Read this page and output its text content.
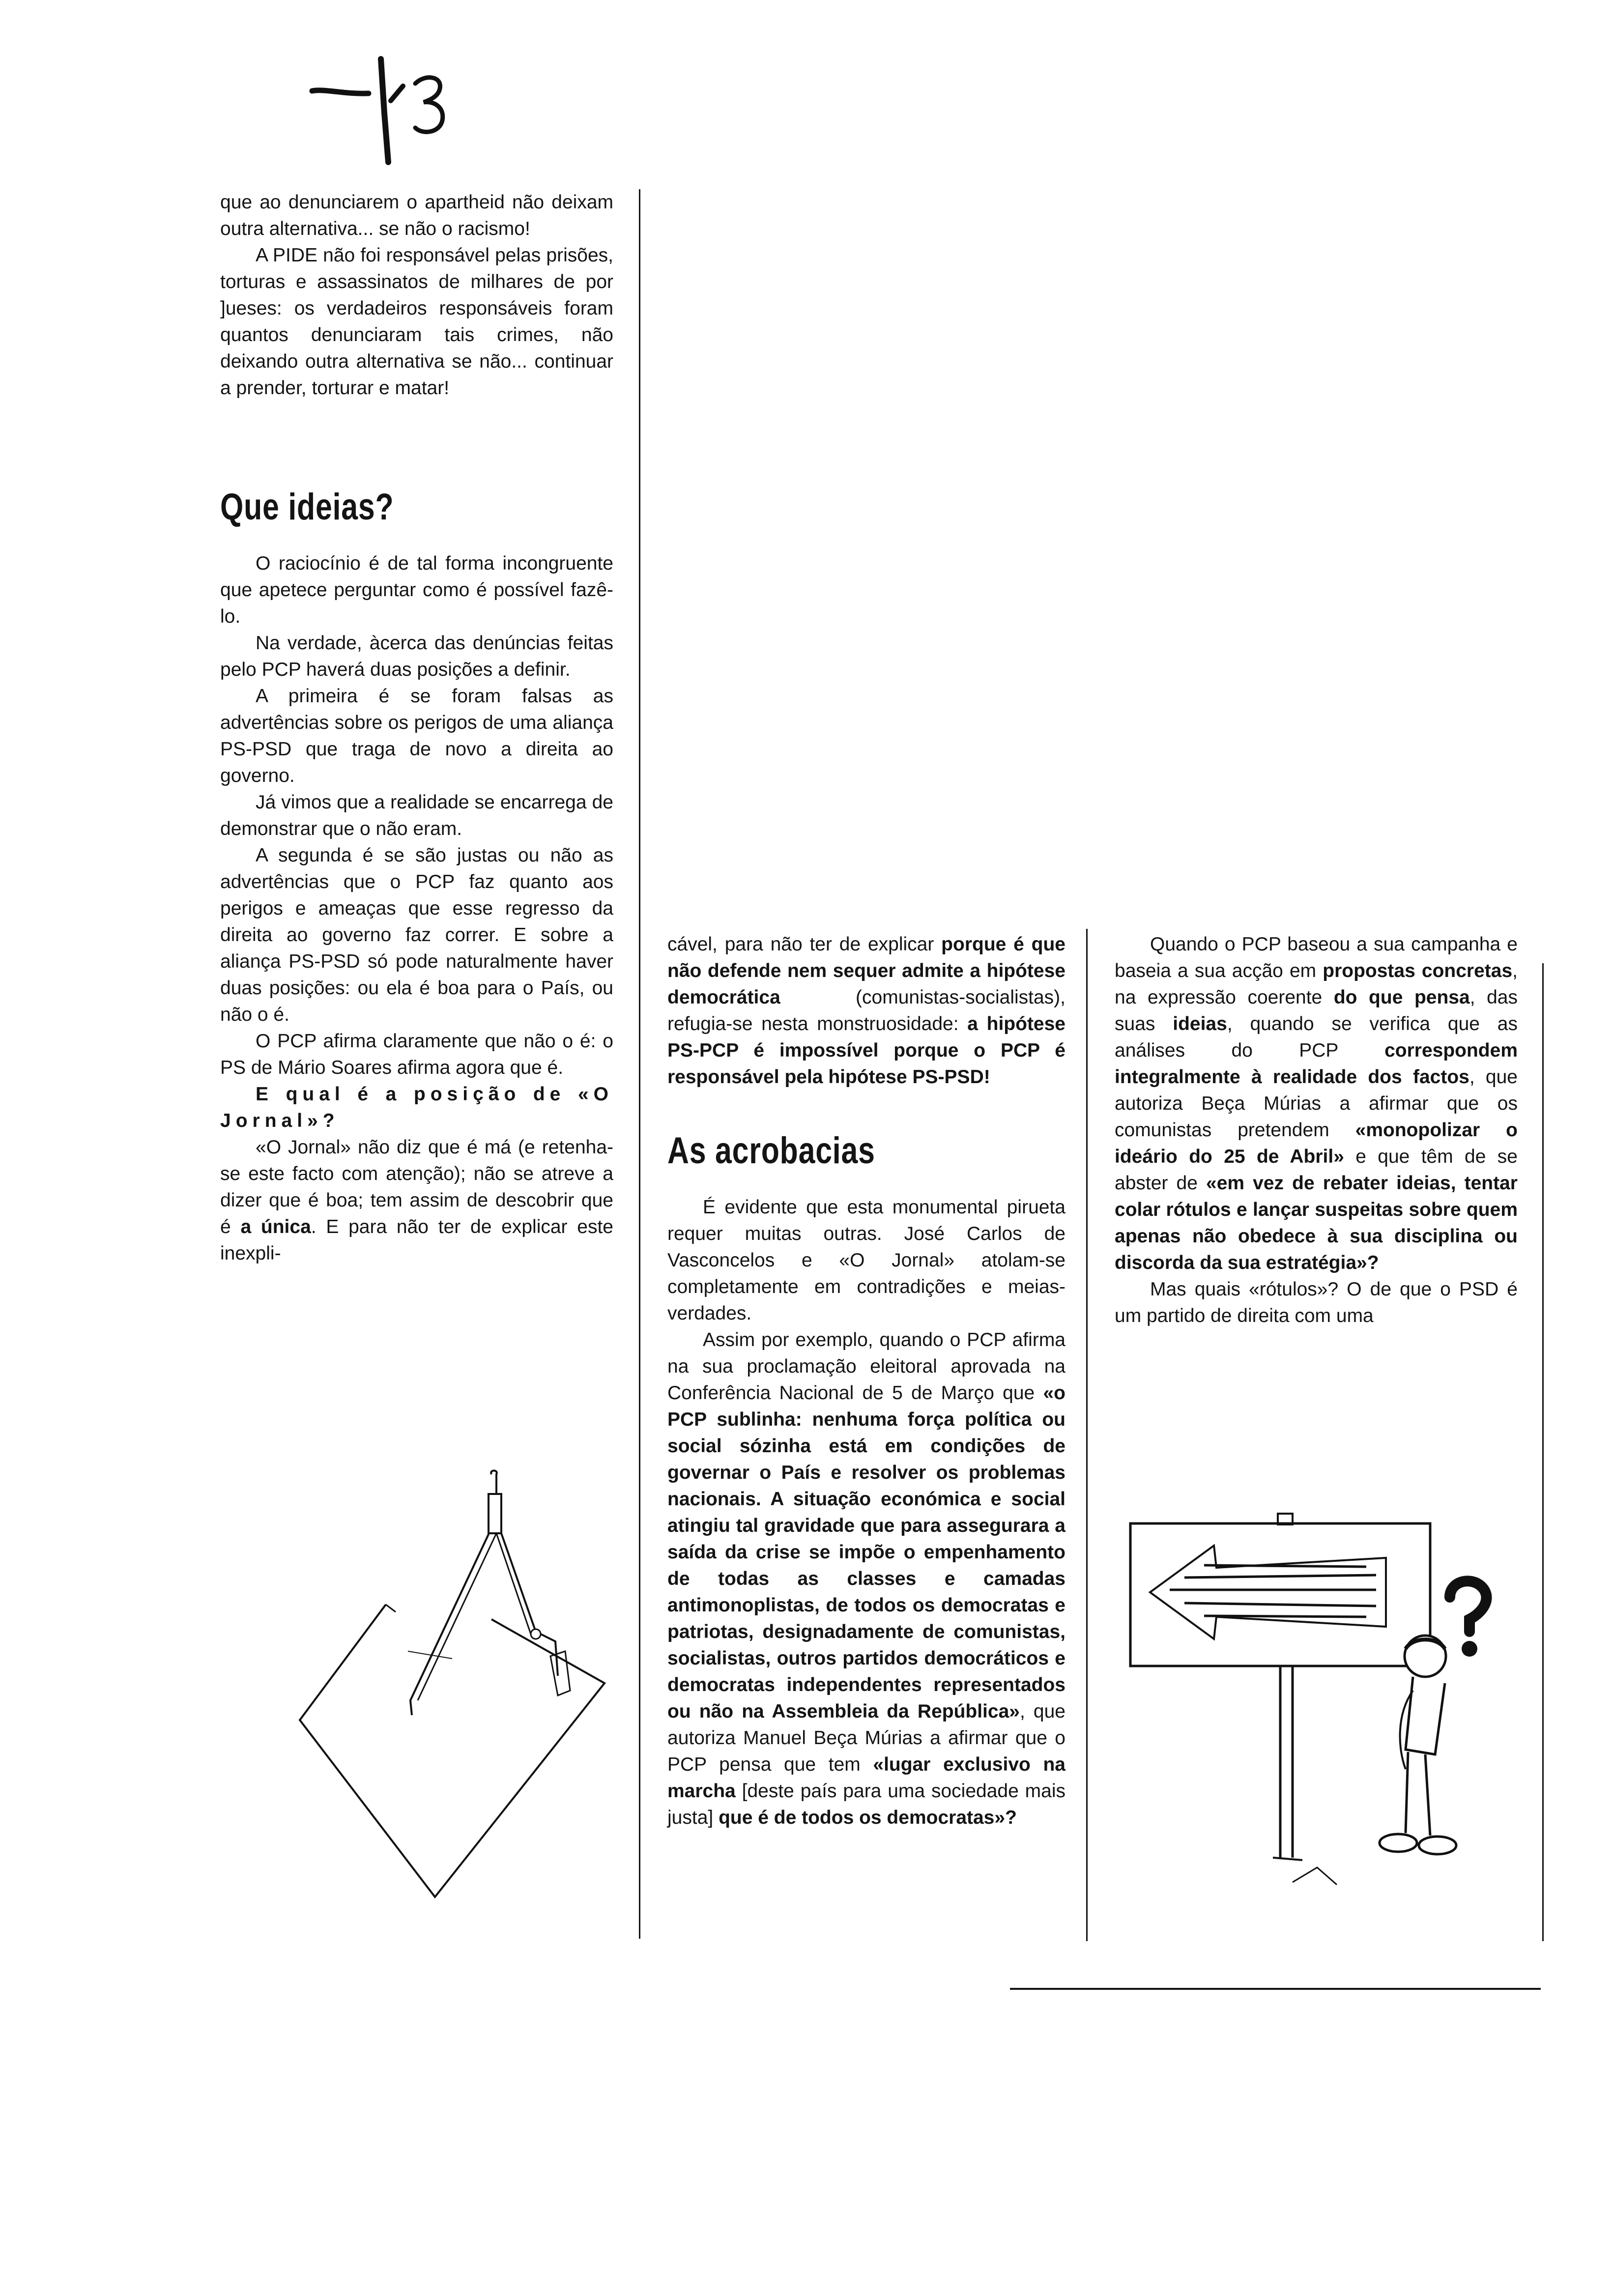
que ao denunciarem o apartheid não deixam outra alternativa... se não o racismo!

A PIDE não foi responsável pelas prisões, torturas e assassinatos de milhares de por ]ueses: os verdadeiros responsáveis foram quantos denunciaram tais crimes, não deixando outra alternativa se não... continuar a prender, torturar e matar!

Que ideias?

O raciocínio é de tal forma incongruente que apetece perguntar como é possível fazê-lo.

Na verdade, àcerca das denúncias feitas pelo PCP haverá duas posições a definir.

A primeira é se foram falsas as advertências sobre os perigos de uma aliança PS-PSD que traga de novo a direita ao governo.

Já vimos que a realidade se encarrega de demonstrar que o não eram.

A segunda é se são justas ou não as advertências que o PCP faz quanto aos perigos e ameaças que esse regresso da direita ao governo faz correr. E sobre a aliança PS-PSD só pode naturalmente haver duas posições: ou ela é boa para o País, ou não o é.

O PCP afirma claramente que não o é: o PS de Mário Soares afirma agora que é.

E qual é a posição de «O Jornal»?

«O Jornal» não diz que é má (e retenha-se este facto com atenção); não se atreve a dizer que é boa; tem assim de descobrir que é a única. E para não ter de explicar este inexpli-

cável, para não ter de explicar porque é que não defende nem sequer admite a hipótese democrática (comunistas-socialistas), refugia-se nesta monstruosidade: a hipótese PS-PCP é impossível porque o PCP é responsável pela hipótese PS-PSD!

As acrobacias

É evidente que esta monumental pirueta requer muitas outras. José Carlos de Vasconcelos e «O Jornal» atolam-se completamente em contradições e meias-verdades.

Assim por exemplo, quando o PCP afirma na sua proclamação eleitoral aprovada na Conferência Nacional de 5 de Março que «o PCP sublinha: nenhuma força política ou social sózinha está em condições de governar o País e resolver os problemas nacionais. A situação económica e social atingiu tal gravidade que para assegurara a saída da crise se impõe o empenhamento de todas as classes e camadas antimonoplistas, de todos os democratas e patriotas, designadamente de comunistas, socialistas, outros partidos democráticos e democratas independentes representados ou não na Assembleia da República», que autoriza Manuel Beça Múrias a afirmar que o PCP pensa que tem «lugar exclusivo na marcha [deste país para uma sociedade mais justa] que é de todos os democratas»?

Quando o PCP baseou a sua campanha e baseia a sua acção em propostas concretas, na expressão coerente do que pensa, das suas ideias, quando se verifica que as análises do PCP correspondem integralmente à realidade dos factos, que autoriza Beça Múrias a afirmar que os comunistas pretendem «monopolizar o ideário do 25 de Abril» e que têm de se abster de «em vez de rebater ideias, tentar colar rótulos e lançar suspeitas sobre quem apenas não obedece à sua disciplina ou discorda da sua estratégia»?

Mas quais «rótulos»? O de que o PSD é um partido de direita com uma
